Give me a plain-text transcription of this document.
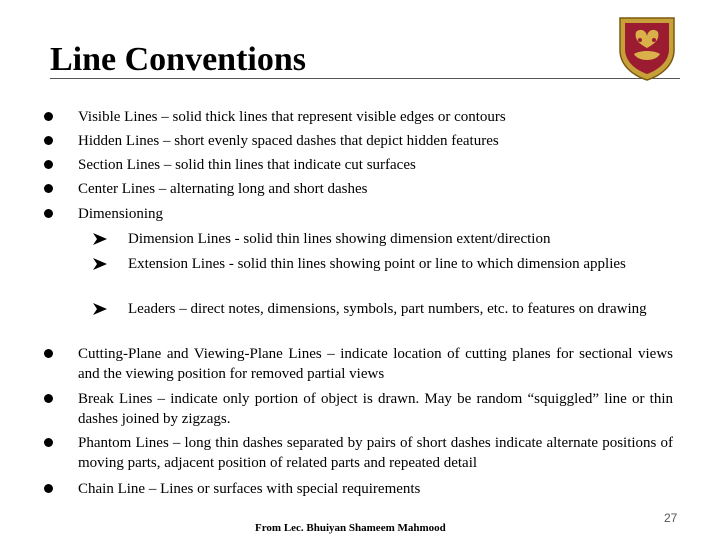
Line Conventions
Visible Lines – solid thick lines that represent visible edges or contours
Hidden Lines – short evenly spaced dashes that depict hidden features
Section Lines – solid thin lines that indicate cut surfaces
Center Lines – alternating long and short dashes
Dimensioning
Dimension Lines - solid thin lines showing dimension extent/direction
Extension Lines - solid thin lines showing point or line to which dimension applies
Leaders – direct notes, dimensions, symbols, part numbers, etc. to features on drawing
Cutting-Plane and Viewing-Plane Lines – indicate location of cutting planes for sectional views and the viewing position for removed partial views
Break Lines – indicate only portion of object is drawn. May be random “squiggled” line or thin dashes joined by zigzags.
Phantom Lines – long thin dashes separated by pairs of short dashes indicate alternate positions of moving parts, adjacent position of related parts and repeated detail
Chain Line – Lines or surfaces with special requirements
From Lec. Bhuiyan Shameem Mahmood
27
